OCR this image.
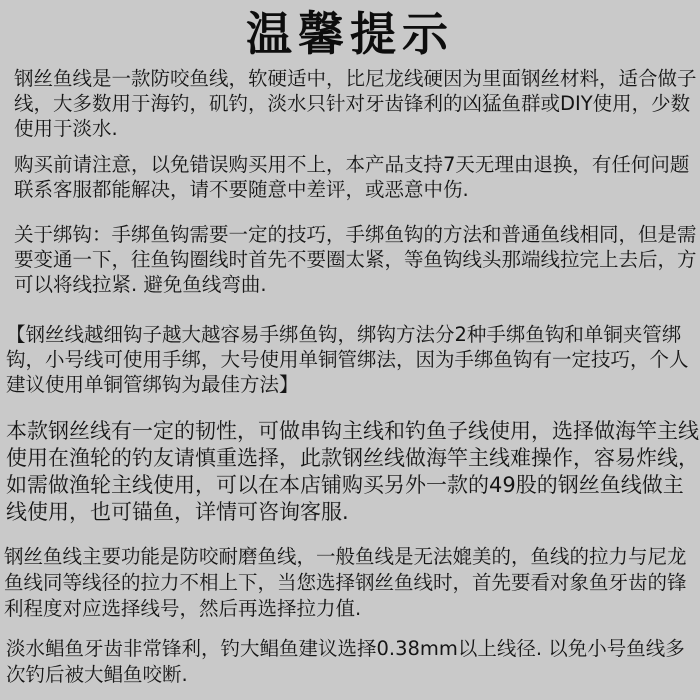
温馨提示

钢丝鱼线是一款防咬鱼线，软硬适中，比尼龙线硬因为里面钢丝材料，适合做子线，大多数用于海钓，矶钓，淡水只针对牙齿锋利的凶猛鱼群或DIY使用，少数使用于淡水.

购买前请注意，以免错误购买用不上，本产品支持7天无理由退换，有任何问题联系客服都能解决，请不要随意中差评，或恶意中伤.

关于绑钩：手绑鱼钩需要一定的技巧，手绑鱼钩的方法和普通鱼线相同，但是需要变通一下，往鱼钩圈线时首先不要圈太紧，等鱼钩线头那端线拉完上去后，方可以将线拉紧. 避免鱼线弯曲.

【钢丝线越细钩子越大越容易手绑鱼钩，绑钩方法分2种手绑鱼钩和单铜夹管绑钩，小号线可使用手绑，大号使用单铜管绑法，因为手绑鱼钩有一定技巧，个人建议使用单铜管绑钩为最佳方法】

本款钢丝线有一定的韧性，可做串钩主线和钓鱼子线使用，选择做海竿主线使用在渔轮的钓友请慎重选择，此款钢丝线做海竿主线难操作，容易炸线，如需做渔轮主线使用，可以在本店铺购买另外一款的49股的钢丝鱼线做主线使用，也可锚鱼，详情可咨询客服.

钢丝鱼线主要功能是防咬耐磨鱼线，一般鱼线是无法媲美的，鱼线的拉力与尼龙鱼线同等线径的拉力不相上下，当您选择钢丝鱼线时，首先要看对象鱼牙齿的锋利程度对应选择线号，然后再选择拉力值.

淡水鲳鱼牙齿非常锋利，钓大鲳鱼建议选择0.38mm以上线径. 以免小号鱼线多次钓后被大鲳鱼咬断.
